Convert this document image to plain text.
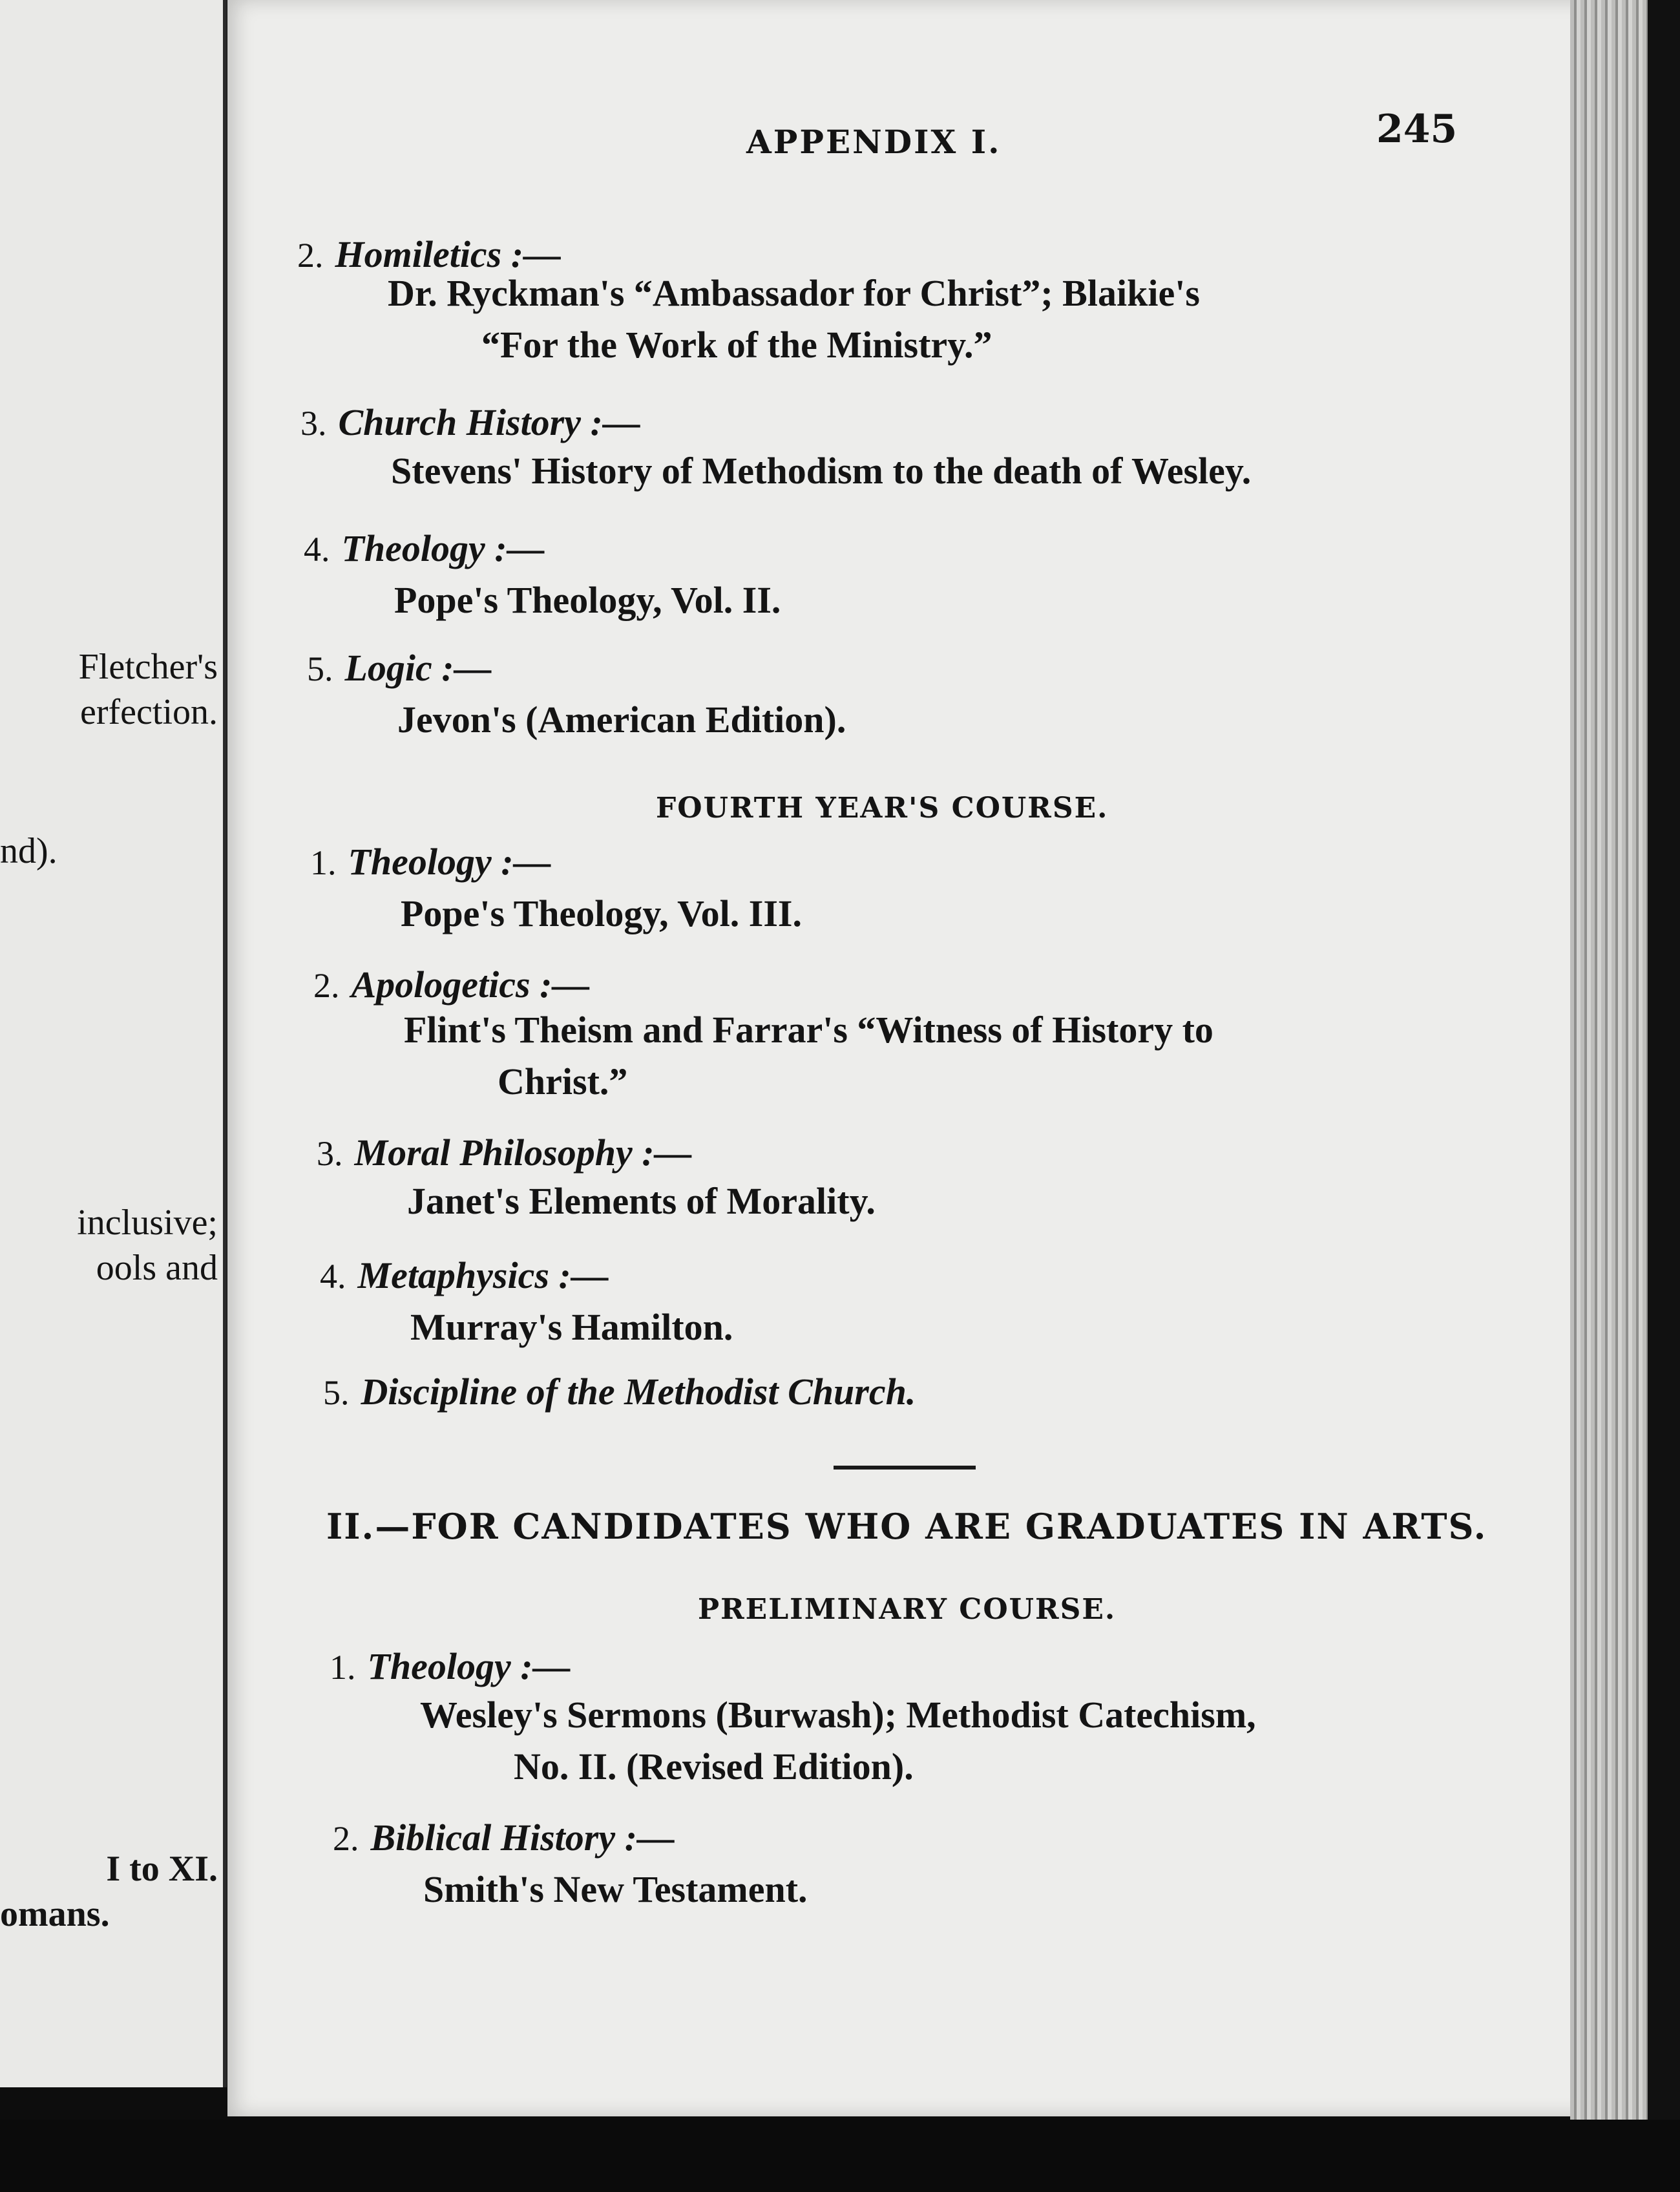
Fletcher's
erfection.
nd).
inclusive;
ools and
I to XI.
omans.
APPENDIX I.	245
2. Homiletics :—
Dr. Ryckman's “Ambassador for Christ”; Blaikie's
“For the Work of the Ministry.”
3. Church History :—
Stevens' History of Methodism to the death of Wesley.
4. Theology :—
Pope's Theology, Vol. II.
5. Logic :—
Jevon's (American Edition).
FOURTH YEAR'S COURSE.
1. Theology :—
Pope's Theology, Vol. III.
2. Apologetics :—
Flint's Theism and Farrar's “Witness of History to
Christ.”
3. Moral Philosophy :—
Janet's Elements of Morality.
4. Metaphysics :—
Murray's Hamilton.
5. Discipline of the Methodist Church.
II.—FOR CANDIDATES WHO ARE GRADUATES IN ARTS.
PRELIMINARY COURSE.
1. Theology :—
Wesley's Sermons (Burwash); Methodist Catechism,
No. II. (Revised Edition).
2. Biblical History :—
Smith's New Testament.
